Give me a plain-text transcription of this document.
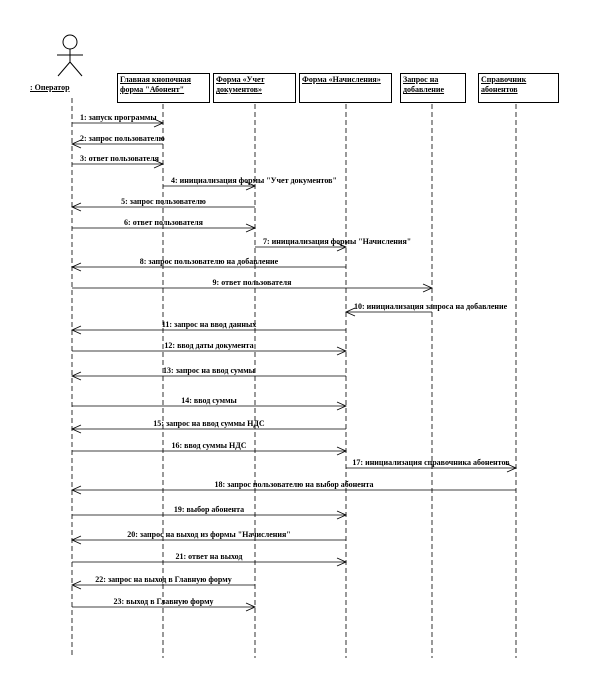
1: запуск программы
2: запрос пользователю
3: ответ пользователя
4: инициализация формы "Учет документов"
5: запрос пользователю
6: ответ пользователя
7: инициализация формы "Начисления"
8: запрос пользователю на добавление
9: ответ пользователя
10: инициализация запроса на добавление
11: запрос на ввод данных
12: ввод даты документа
13: запрос на ввод суммы
14: ввод суммы
15: запрос на ввод суммы НДС
16: ввод суммы НДС
17: инициализация справочника абонентов
18: запрос пользователю на выбор абонента
19: выбор абонента
20: запрос на выход из формы "Начисления"
21: ответ на выход
22: запрос на выход в Главную форму
23: выход в Главную форму
: Оператор
Главная кнопочная форма "Абонент"
Форма «Учет документов»
Форма «Начисления»	Запрос на добавление
Справочник абонентов
